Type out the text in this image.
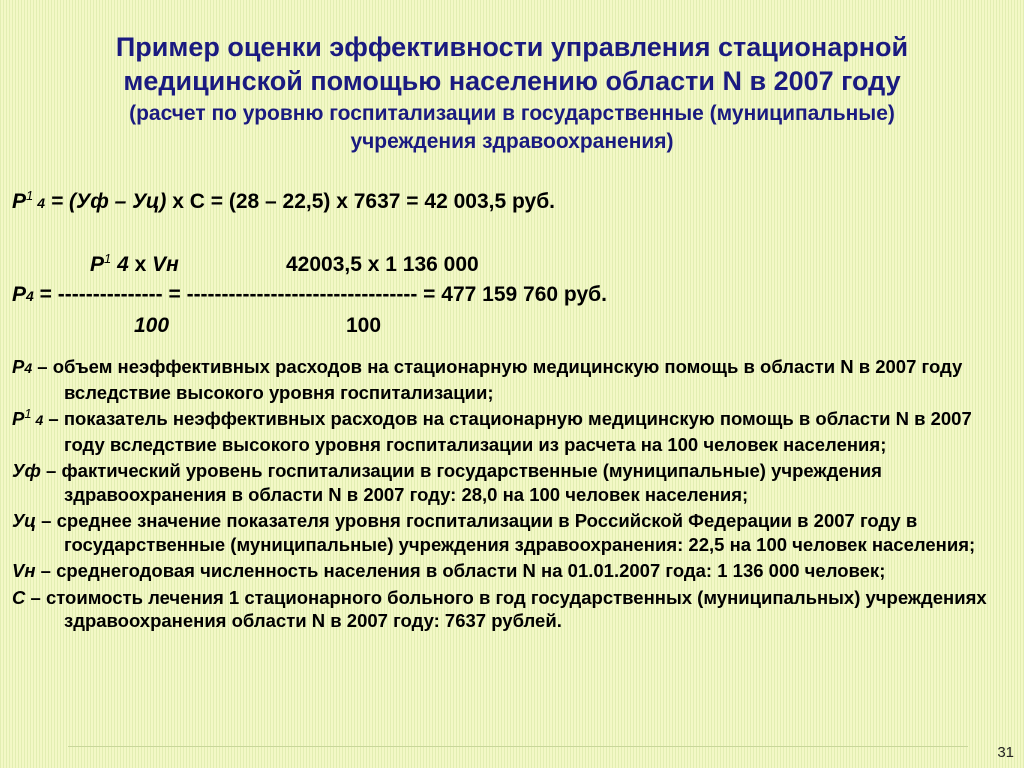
Пример оценки эффективности управления стационарной
медицинской помощью населению области N в 2007 году
(расчет по уровню госпитализации в государственные (муниципальные)
учреждения здравоохранения)
$Р^1$ 4 = (Уф – Уц) х С = (28 – 22,5) х 7637 = 42 003,5 руб.
$Р^1$ 4 х Vн	42003,5 х 1 136 000
Р4 = --------------- = --------------------------------- = 477 159 760 руб.
100	100
Р4 – объем неэффективных расходов на стационарную медицинскую помощь в области N в 2007 году вследствие высокого уровня госпитализации;
$Р^1$ 4 – показатель неэффективных расходов на стационарную медицинскую помощь в области N в 2007 году вследствие высокого уровня госпитализации из расчета на 100 человек населения;
Уф – фактический уровень госпитализации в государственные (муниципальные) учреждения здравоохранения в области N в 2007 году: 28,0 на 100 человек населения;
Уц – среднее значение показателя уровня госпитализации в Российской Федерации в 2007 году в государственные (муниципальные) учреждения здравоохранения: 22,5 на 100 человек населения;
Vн – среднегодовая численность населения в области N на 01.01.2007 года: 1 136 000 человек;
С – стоимость лечения 1 стационарного больного в год государственных (муниципальных) учреждениях здравоохранения области N в 2007 году: 7637 рублей.
31
